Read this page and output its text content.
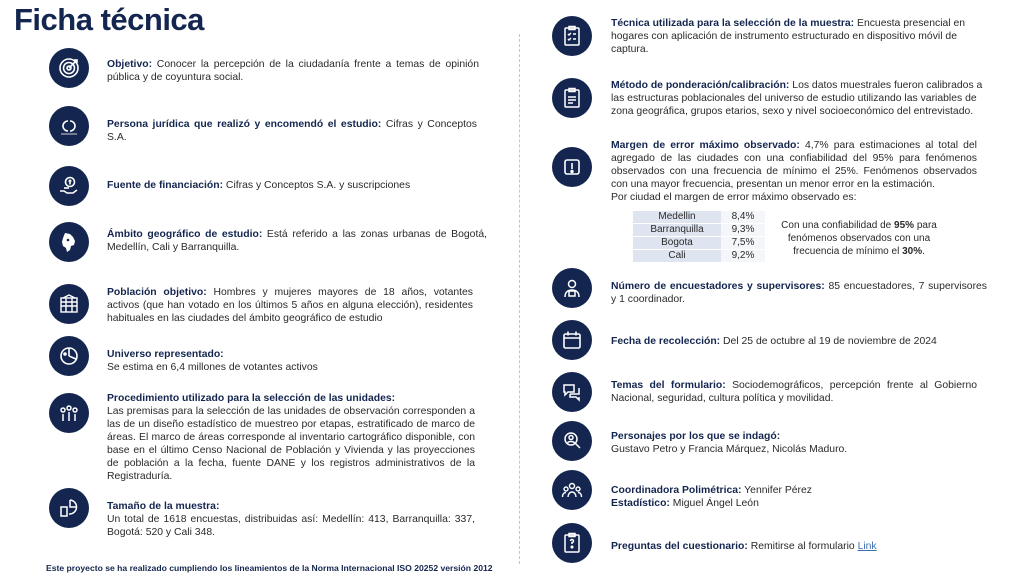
Ficha técnica
Objetivo: Conocer la percepción de la ciudadanía frente a temas de opinión pública y de coyuntura social.
Persona jurídica que realizó y encomendó el estudio: Cifras y Conceptos S.A.
Fuente de financiación: Cifras y Conceptos S.A. y suscripciones
Ámbito geográfico de estudio: Está referido a las zonas urbanas de Bogotá, Medellín, Cali y Barranquilla.
Población objetivo: Hombres y mujeres mayores de 18 años, votantes activos (que han votado en los últimos 5 años en alguna elección), residentes habituales en las ciudades del ámbito geográfico de estudio
Universo representado:
Se estima en 6,4 millones de votantes activos
Procedimiento utilizado para la selección de las unidades:
Las premisas para la selección de las unidades de observación corresponden a las de un diseño estadístico de muestreo por etapas, estratificado de marco de áreas. El marco de áreas corresponde al inventario cartográfico disponible, con base en el último Censo Nacional de Población y Vivienda y las proyecciones de población a la fecha, fuente DANE y los registros administrativos de la Registraduría.
Tamaño de la muestra:
Un total de 1618 encuestas, distribuidas así: Medellín: 413, Barranquilla: 337, Bogotá: 520 y Cali 348.
Este proyecto se ha realizado cumpliendo los lineamientos de la Norma Internacional ISO 20252 versión 2012
Técnica utilizada para la selección de la muestra: Encuesta presencial en hogares con aplicación de instrumento estructurado en dispositivo móvil de captura.
Método de ponderación/calibración: Los datos muestrales fueron calibrados a las estructuras poblacionales del universo de estudio utilizando las variables de zona geográfica, grupos etarios, sexo y nivel socioeconómico del entrevistado.
Margen de error máximo observado: 4,7% para estimaciones al total del agregado de las ciudades con una confiabilidad del 95% para fenómenos observados con una frecuencia de mínimo el 25%. Fenómenos observados con una mayor frecuencia, presentan un menor error en la estimación.
Por ciudad el margen de error máximo observado es:
Medellin	8,4%
Barranquilla	9,3%
Bogota	7,5%
Cali	9,2%
Con una confiabilidad de 95% para fenómenos observados con una frecuencia de mínimo el 30%.
Número de encuestadores y supervisores: 85 encuestadores, 7 supervisores y 1 coordinador.
Fecha de recolección: Del 25 de octubre al 19 de noviembre de 2024
Temas del formulario: Sociodemográficos, percepción frente al Gobierno Nacional, seguridad, cultura política y movilidad.
Personajes por los que se indagó:
Gustavo Petro y Francia Márquez, Nicolás Maduro.
Coordinadora Polimétrica: Yennifer Pérez
Estadístico: Miguel Ángel León
Preguntas del cuestionario: Remitirse al formulario Link
